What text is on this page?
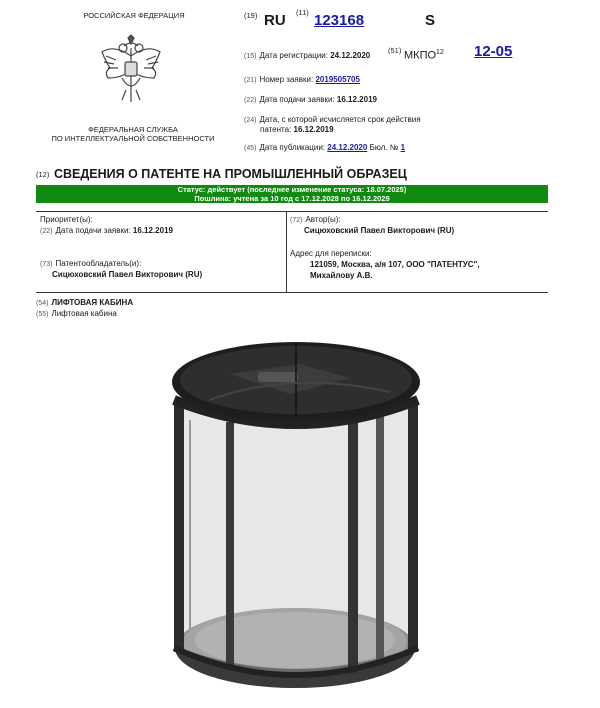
РОССИЙСКАЯ ФЕДЕРАЦИЯ
ФЕДЕРАЛЬНАЯ СЛУЖБА
ПО ИНТЕЛЛЕКТУАЛЬНОЙ СОБСТВЕННОСТИ
(19) RU (11) 123168	S
(15) Дата регистрации: 24.12.2020
(51) МКПО$^{12}$ 12-05
(21) Номер заявки: 2019505705
(22) Дата подачи заявки: 16.12.2019
(24) Дата, с которой исчисляется срок действия
патента: 16.12.2019
(45) Дата публикации: 24.12.2020 Бюл. № 1
(12) СВЕДЕНИЯ О ПАТЕНТЕ НА ПРОМЫШЛЕННЫЙ ОБРАЗЕЦ
Статус: действует (последнее изменение статуса: 18.07.2025)
Пошлина: учтена за 10 год с 17.12.2028 по 16.12.2029
Приоритет(ы):
(22) Дата подачи заявки: 16.12.2019
(73) Патентообладатель(и):
Сицюховский Павел Викторович (RU)
(72) Автор(ы):
Сицюховский Павел Викторович (RU)
Адрес для переписки:
121059, Москва, а/я 107, ООО "ПАТЕНТУС",
Михайлову А.В.
(54) ЛИФТОВАЯ КАБИНА
(55) Лифтовая кабина
